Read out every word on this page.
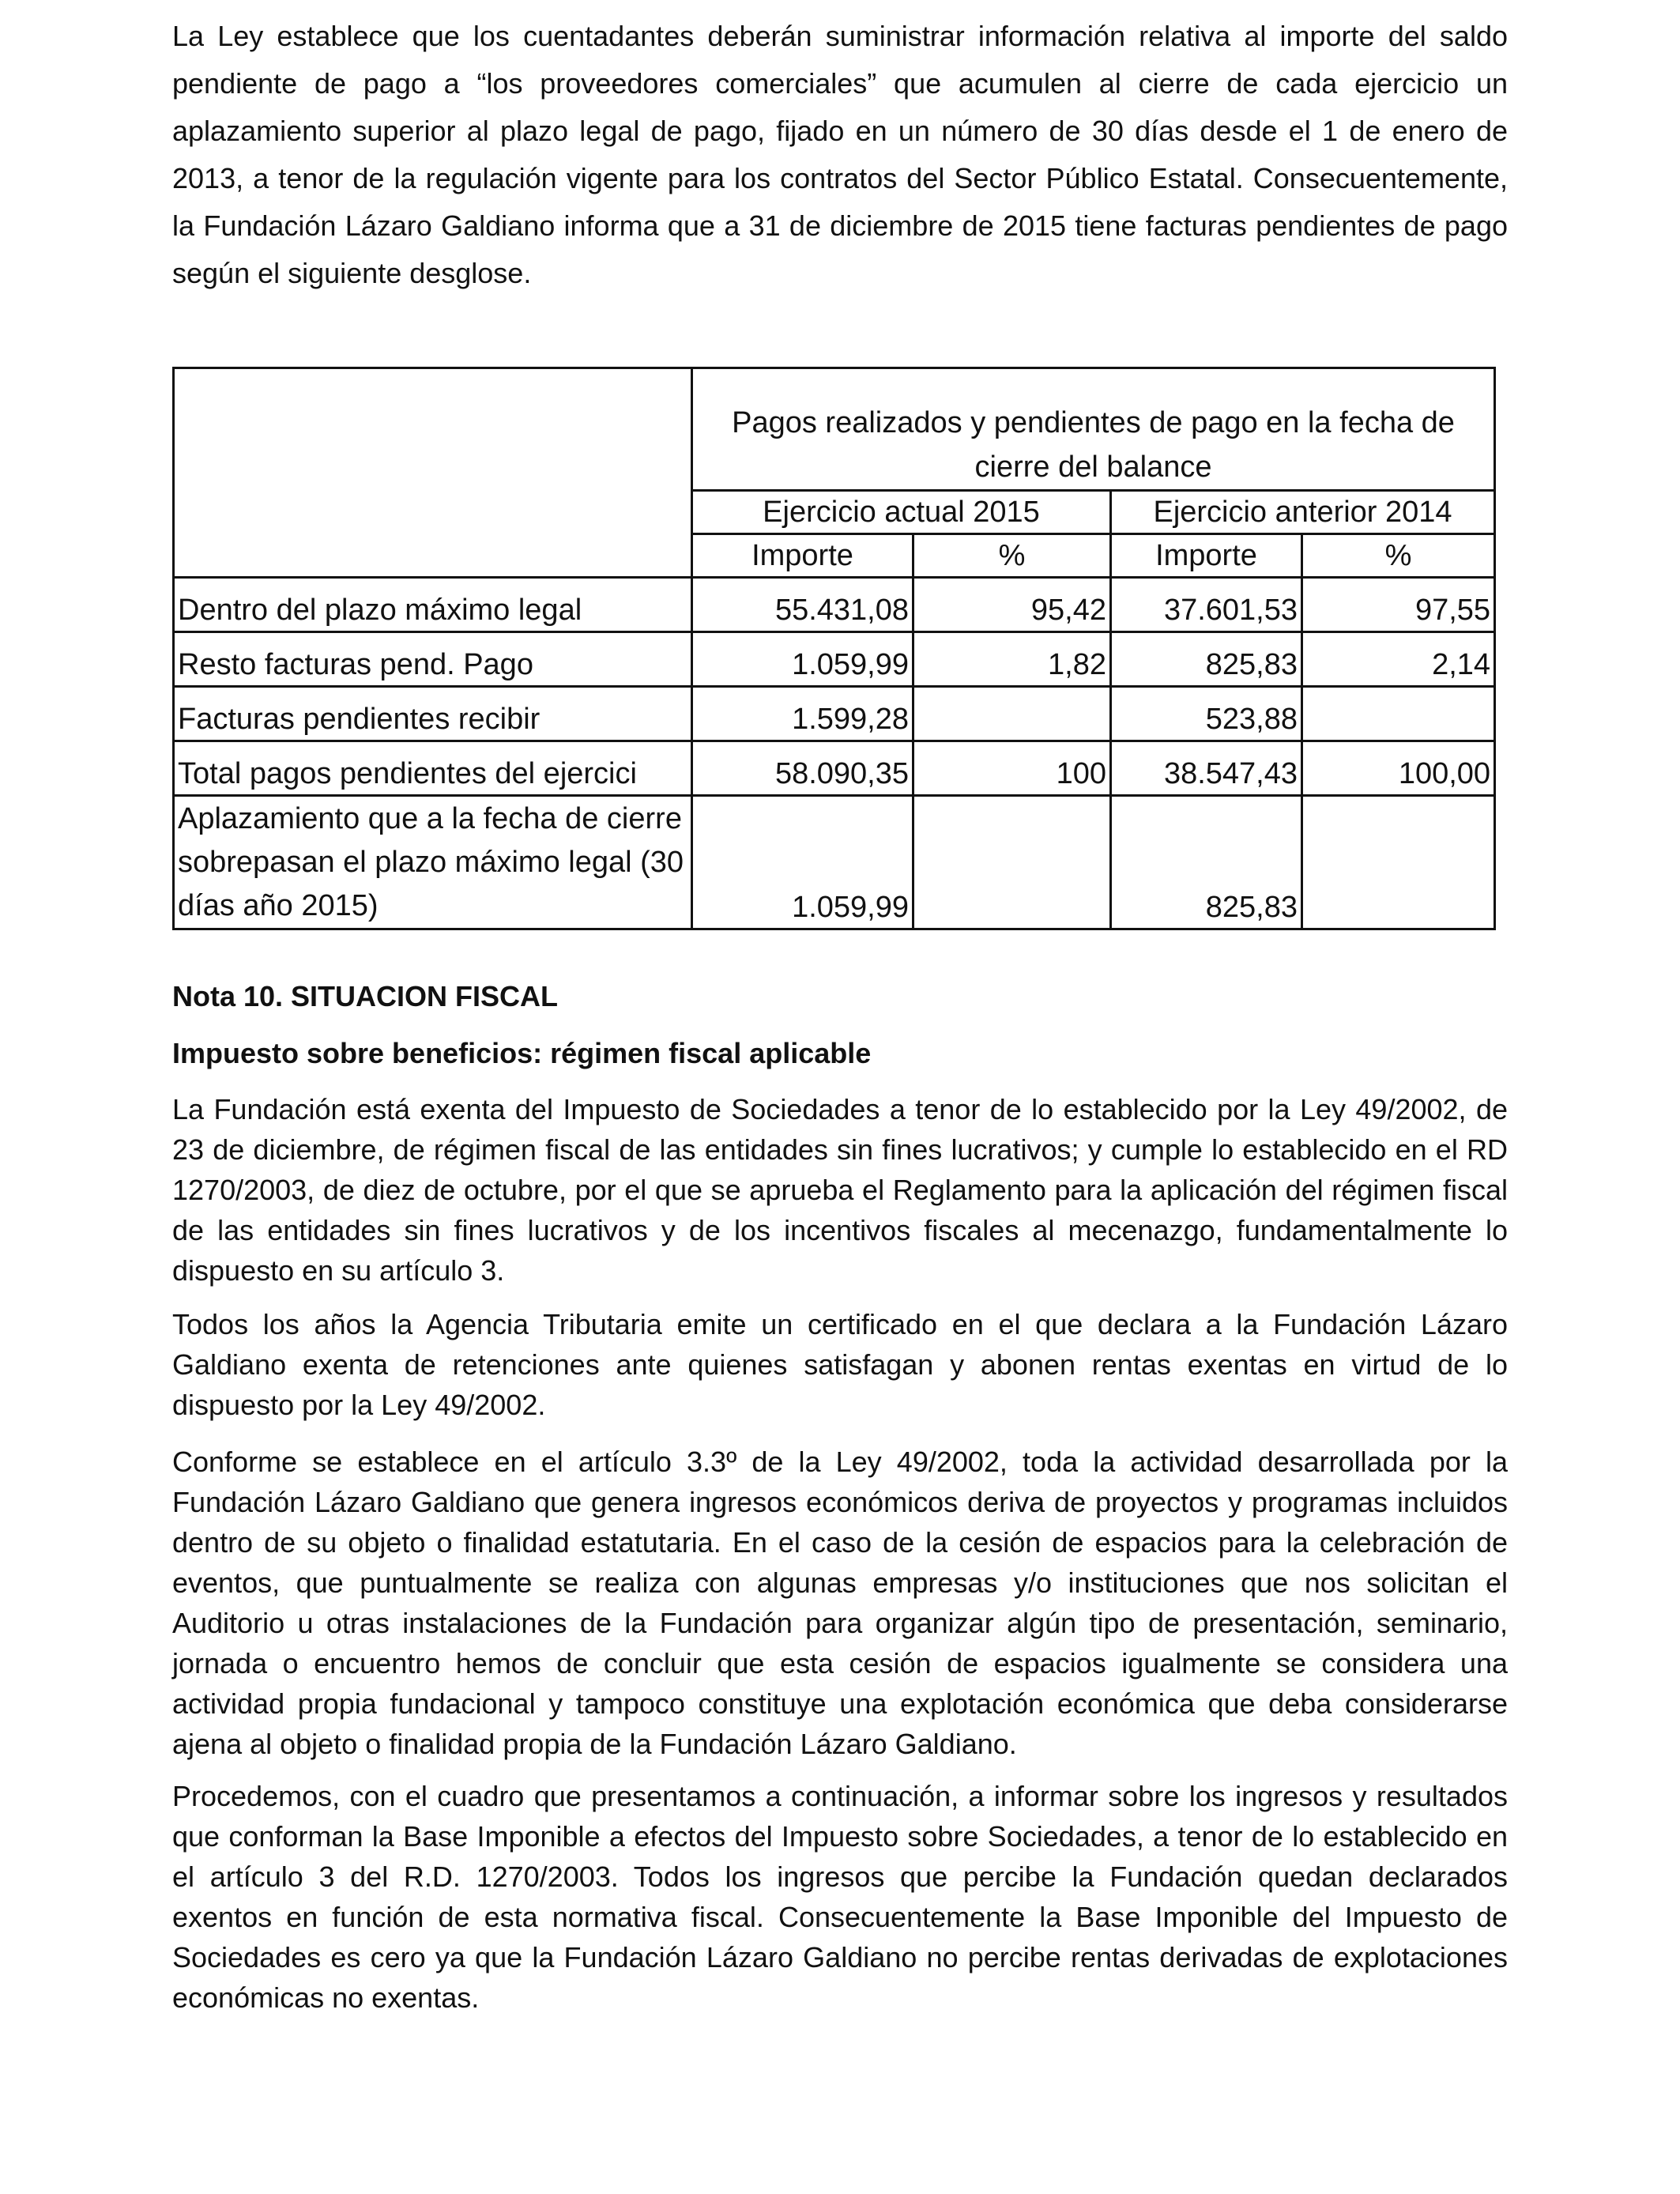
La Ley establece que los cuentadantes deberán suministrar información relativa al importe del saldo pendiente de pago a “los proveedores comerciales” que acumulen al cierre de cada ejercicio un aplazamiento superior al plazo legal de pago, fijado en un número de 30 días desde el 1 de enero de 2013, a tenor de la regulación vigente para los contratos del Sector Público Estatal. Consecuentemente, la Fundación Lázaro Galdiano informa que a 31 de diciembre de 2015 tiene facturas pendientes de pago según el siguiente desglose.

	Pagos realizados y pendientes de pago en la fecha de cierre del balance			
	Ejercicio actual 2015		Ejercicio anterior 2014	
	Importe	%	Importe	%
Dentro del plazo máximo legal	55.431,08	95,42	37.601,53	97,55
Resto facturas pend. Pago	1.059,99	1,82	825,83	2,14
Facturas pendientes recibir	1.599,28		523,88	
Total pagos pendientes del ejercici	58.090,35	100	38.547,43	100,00
Aplazamiento que a la fecha de cierre sobrepasan el plazo máximo legal (30 días año 2015)	1.059,99		825,83	
Nota 10. SITUACION FISCAL
Impuesto sobre beneficios: régimen fiscal aplicable

La Fundación está exenta del Impuesto de Sociedades a tenor de lo establecido por la Ley 49/2002, de 23 de diciembre, de régimen fiscal de las entidades sin fines lucrativos; y cumple lo establecido en el RD 1270/2003, de diez de octubre, por el que se aprueba el Reglamento para la aplicación del régimen fiscal de las entidades sin fines lucrativos y de los incentivos fiscales al mecenazgo, fundamentalmente lo dispuesto en su artículo 3.

Todos los años la Agencia Tributaria emite un certificado en el que declara a la Fundación Lázaro Galdiano exenta de retenciones ante quienes satisfagan y abonen rentas exentas en virtud de lo dispuesto por la Ley 49/2002.

Conforme se establece en el artículo 3.3º de la Ley 49/2002, toda la actividad desarrollada por la Fundación Lázaro Galdiano que genera ingresos económicos deriva de proyectos y programas incluidos dentro de su objeto o finalidad estatutaria. En el caso de la cesión de espacios para la celebración de eventos, que puntualmente se realiza con algunas empresas y/o instituciones que nos solicitan el Auditorio u otras instalaciones de la Fundación para organizar algún tipo de presentación, seminario, jornada o encuentro hemos de concluir que esta cesión de espacios igualmente se considera una actividad propia fundacional y tampoco constituye una explotación económica que deba considerarse ajena al objeto o finalidad propia de la Fundación Lázaro Galdiano.

Procedemos, con el cuadro que presentamos a continuación, a informar sobre los ingresos y resultados que conforman la Base Imponible a efectos del Impuesto sobre Sociedades, a tenor de lo establecido en el artículo 3 del R.D. 1270/2003. Todos los ingresos que percibe la Fundación quedan declarados exentos en función de esta normativa fiscal. Consecuentemente la Base Imponible del Impuesto de Sociedades es cero ya que la Fundación Lázaro Galdiano no percibe rentas derivadas de explotaciones económicas no exentas.
